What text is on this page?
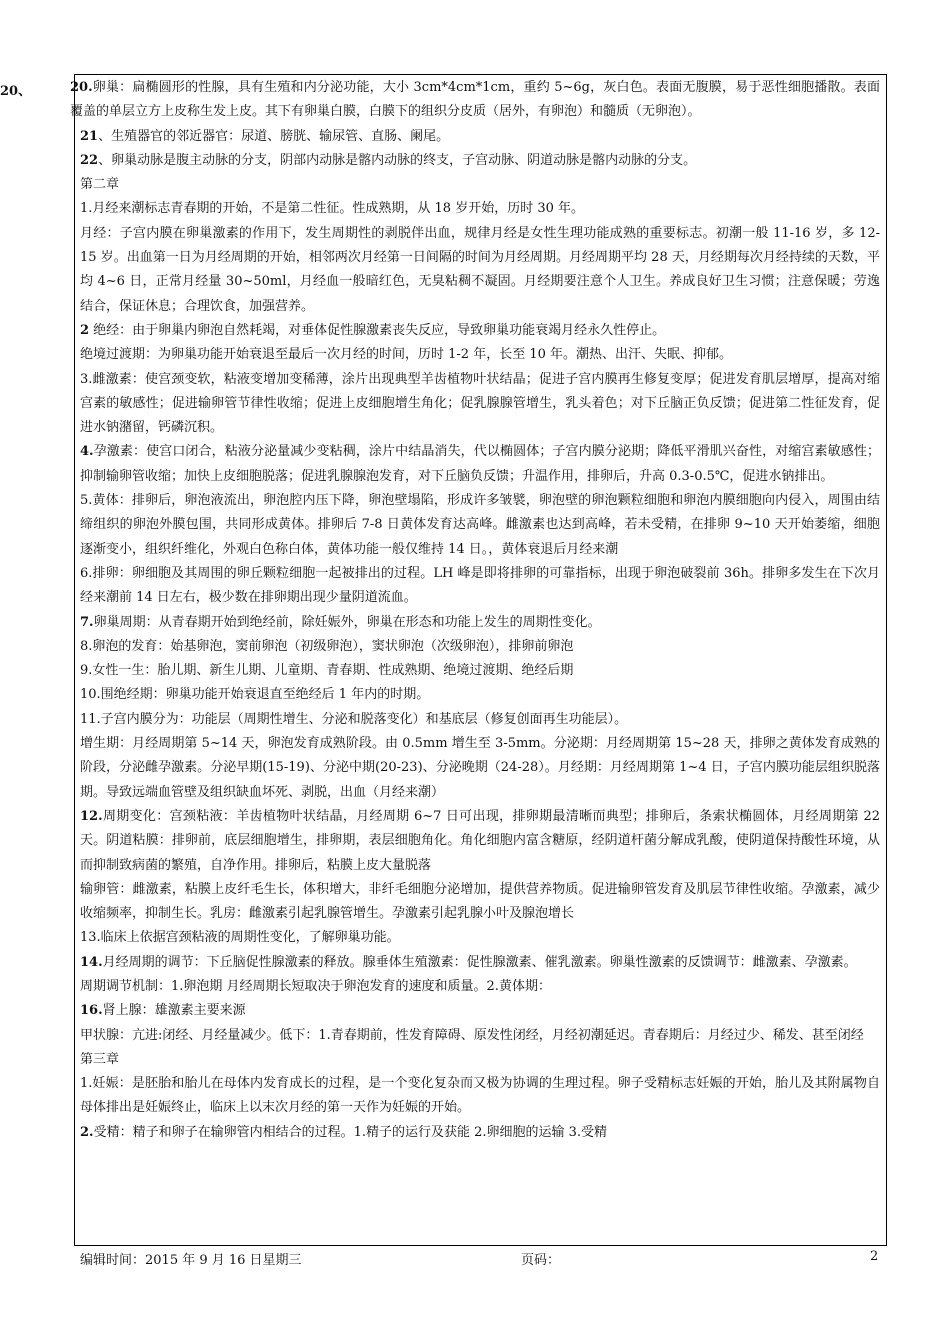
20、	20.卵巢：扁椭圆形的性腺，具有生殖和内分泌功能，大小 3cm*4cm*1cm，重约 5~6g，灰白色。表面无腹膜，易于恶性细胞播散。表面覆盖的单层立方上皮称生发上皮。其下有卵巢白膜，白膜下的组织分皮质（居外，有卵泡）和髓质（无卵泡）。

21、生殖器官的邻近器官：尿道、膀胱、输尿管、直肠、阑尾。

22、卵巢动脉是腹主动脉的分支，阴部内动脉是髂内动脉的终支，子宫动脉、阴道动脉是髂内动脉的分支。

第二章

1.月经来潮标志青春期的开始，不是第二性征。性成熟期，从 18 岁开始，历时 30 年。

月经：子宫内膜在卵巢激素的作用下，发生周期性的剥脱伴出血，规律月经是女性生理功能成熟的重要标志。初潮一般 11-16 岁，多 12-15 岁。出血第一日为月经周期的开始，相邻两次月经第一日间隔的时间为月经周期。月经周期平均 28 天，月经期每次月经持续的天数，平均 4~6 日，正常月经量 30~50ml，月经血一般暗红色，无臭粘稠不凝固。月经期要注意个人卫生。养成良好卫生习惯；注意保暖；劳逸结合，保证休息；合理饮食，加强营养。

2 绝经：由于卵巢内卵泡自然耗竭，对垂体促性腺激素丧失反应，导致卵巢功能衰竭月经永久性停止。

绝境过渡期：为卵巢功能开始衰退至最后一次月经的时间，历时 1-2 年，长至 10 年。潮热、出汗、失眠、抑郁。

3.雌激素：使宫颈变软，粘液变增加变稀薄，涂片出现典型羊齿植物叶状结晶；促进子宫内膜再生修复变厚；促进发育肌层增厚，提高对缩宫素的敏感性；促进输卵管节律性收缩；促进上皮细胞增生角化；促乳腺腺管增生，乳头着色；对下丘脑正负反馈；促进第二性征发育，促进水钠潴留，钙磷沉积。

4.孕激素：使宫口闭合，粘液分泌量减少变粘稠，涂片中结晶消失，代以椭圆体；子宫内膜分泌期；降低平滑肌兴奋性，对缩宫素敏感性；抑制输卵管收缩；加快上皮细胞脱落；促进乳腺腺泡发育，对下丘脑负反馈；升温作用，排卵后，升高 0.3-0.5℃，促进水钠排出。

5.黄体：排卵后，卵泡液流出，卵泡腔内压下降，卵泡壁塌陷，形成许多皱襞，卵泡壁的卵泡颗粒细胞和卵泡内膜细胞向内侵入，周围由结缔组织的卵泡外膜包围，共同形成黄体。排卵后 7-8 日黄体发育达高峰。雌激素也达到高峰，若未受精，在排卵 9~10 天开始萎缩，细胞逐渐变小，组织纤维化，外观白色称白体，黄体功能一般仅维持 14 日。，黄体衰退后月经来潮

6.排卵：卵细胞及其周围的卵丘颗粒细胞一起被排出的过程。LH 峰是即将排卵的可靠指标，出现于卵泡破裂前 36h。排卵多发生在下次月经来潮前 14 日左右，极少数在排卵期出现少量阴道流血。

7.卵巢周期：从青春期开始到绝经前，除妊娠外，卵巢在形态和功能上发生的周期性变化。

8.卵泡的发育：始基卵泡，窦前卵泡（初级卵泡），窦状卵泡（次级卵泡），排卵前卵泡

9.女性一生：胎儿期、新生儿期、儿童期、青春期、性成熟期、绝境过渡期、绝经后期

10.围绝经期：卵巢功能开始衰退直至绝经后 1 年内的时期。

11.子宫内膜分为：功能层（周期性增生、分泌和脱落变化）和基底层（修复创面再生功能层）。

增生期：月经周期第 5~14 天，卵泡发育成熟阶段。由 0.5mm 增生至 3-5mm。分泌期：月经周期第 15~28 天，排卵之黄体发育成熟的阶段，分泌雌孕激素。分泌早期(15-19)、分泌中期(20-23)、分泌晚期（24-28）。月经期：月经周期第 1~4 日，子宫内膜功能层组织脱落期。导致远端血管壁及组织缺血坏死、剥脱，出血（月经来潮）

12.周期变化：宫颈粘液：羊齿植物叶状结晶，月经周期 6~7 日可出现，排卵期最清晰而典型；排卵后，条索状椭圆体，月经周期第 22 天。阴道粘膜：排卵前，底层细胞增生，排卵期，表层细胞角化。角化细胞内富含糖原，经阴道杆菌分解成乳酸，使阴道保持酸性环境，从而抑制致病菌的繁殖，自净作用。排卵后，粘膜上皮大量脱落

输卵管：雌激素，粘膜上皮纤毛生长，体积增大，非纤毛细胞分泌增加，提供营养物质。促进输卵管发育及肌层节律性收缩。孕激素，减少收缩频率，抑制生长。乳房：雌激素引起乳腺管增生。孕激素引起乳腺小叶及腺泡增长

13.临床上依据宫颈粘液的周期性变化，了解卵巢功能。

14.月经周期的调节：下丘脑促性腺激素的释放。腺垂体生殖激素：促性腺激素、催乳激素。卵巢性激素的反馈调节：雌激素、孕激素。

周期调节机制：1.卵泡期 月经周期长短取决于卵泡发育的速度和质量。2.黄体期：

16.肾上腺：雄激素主要来源

甲状腺：亢进:闭经、月经量减少。低下：1.青春期前，性发育障碍、原发性闭经，月经初潮延迟。青春期后：月经过少、稀发、甚至闭经

第三章

1.妊娠：是胚胎和胎儿在母体内发育成长的过程，是一个变化复杂而又极为协调的生理过程。卵子受精标志妊娠的开始，胎儿及其附属物自母体排出是妊娠终止，临床上以末次月经的第一天作为妊娠的开始。

2.受精：精子和卵子在输卵管内相结合的过程。1.精子的运行及获能 2.卵细胞的运输 3.受精

编辑时间：2015 年 9 月 16 日星期三	页码：	2
